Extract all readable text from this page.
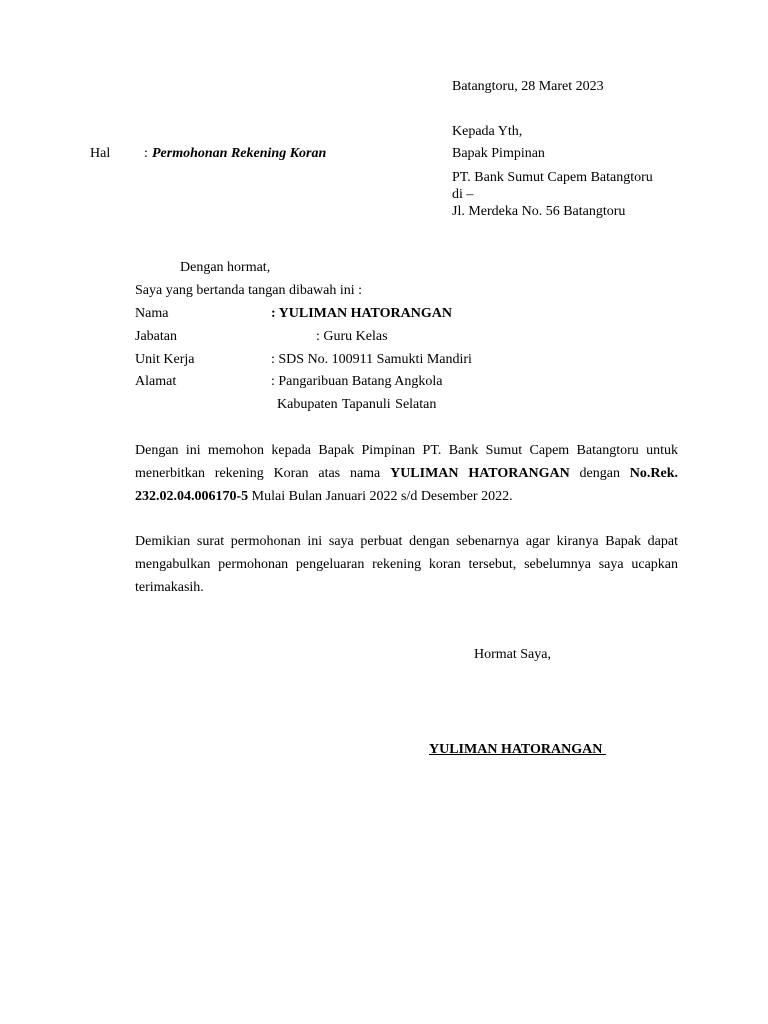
Batangtoru, 28 Maret 2023
Kepada Yth,
Bapak Pimpinan
PT. Bank Sumut Capem Batangtoru
di –
Jl. Merdeka No. 56 Batangtoru
Hal : Permohonan Rekening Koran
Dengan hormat,
Saya yang bertanda tangan dibawah ini :
Nama	: YULIMAN HATORANGAN
Jabatan	: Guru Kelas
Unit Kerja	: SDS No. 100911 Samukti Mandiri
Alamat	: Pangaribuan Batang Angkola
Kabupaten Tapanuli Selatan
Dengan ini memohon kepada Bapak Pimpinan PT. Bank Sumut Capem Batangtoru untuk menerbitkan rekening Koran atas nama YULIMAN HATORANGAN dengan No.Rek. 232.02.04.006170-5 Mulai Bulan Januari 2022 s/d Desember 2022.
Demikian surat permohonan ini saya perbuat dengan sebenarnya agar kiranya Bapak dapat mengabulkan permohonan pengeluaran rekening koran tersebut, sebelumnya saya ucapkan terimakasih.
Hormat Saya,
YULIMAN HATORANGAN
